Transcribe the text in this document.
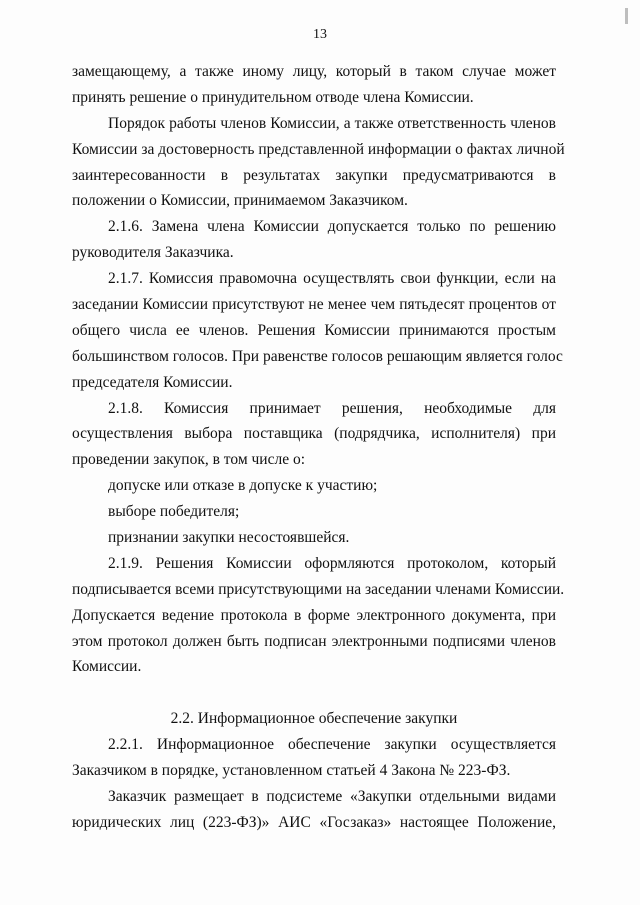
13
замещающему, а также иному лицу, который в таком случае может
принять решение о принудительном отводе члена Комиссии.
Порядок работы членов Комиссии, а также ответственность членов
Комиссии за достоверность представленной информации о фактах личной
заинтересованности в результатах закупки предусматриваются в
положении о Комиссии, принимаемом Заказчиком.
2.1.6. Замена члена Комиссии допускается только по решению
руководителя Заказчика.
2.1.7. Комиссия правомочна осуществлять свои функции, если на
заседании Комиссии присутствуют не менее чем пятьдесят процентов от
общего числа ее членов. Решения Комиссии принимаются простым
большинством голосов. При равенстве голосов решающим является голос
председателя Комиссии.
2.1.8. Комиссия принимает решения, необходимые для
осуществления выбора поставщика (подрядчика, исполнителя) при
проведении закупок, в том числе о:
допуске или отказе в допуске к участию;
выборе победителя;
признании закупки несостоявшейся.
2.1.9. Решения Комиссии оформляются протоколом, который
подписывается всеми присутствующими на заседании членами Комиссии.
Допускается ведение протокола в форме электронного документа, при
этом протокол должен быть подписан электронными подписями членов
Комиссии.
2.2. Информационное обеспечение закупки
2.2.1. Информационное обеспечение закупки осуществляется
Заказчиком в порядке, установленном статьей 4 Закона № 223-ФЗ.
Заказчик размещает в подсистеме «Закупки отдельными видами
юридических лиц (223-ФЗ)» АИС «Госзаказ» настоящее Положение,
